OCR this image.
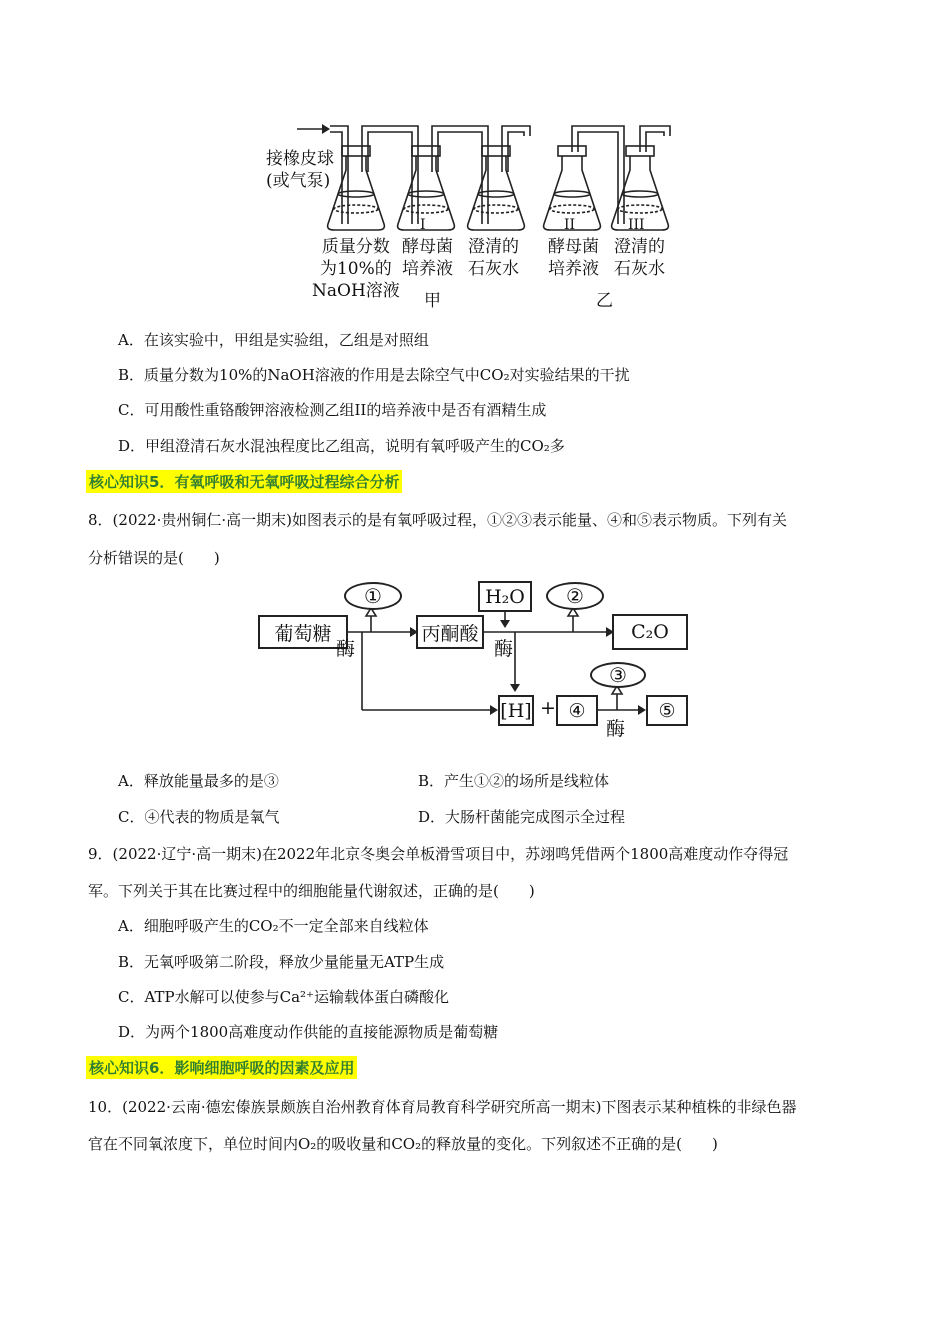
接橡皮球
(或气泵)
I	II	III
质量分数
为10%的
NaOH溶液
酵母菌
培养液
澄清的
石灰水
酵母菌
培养液
澄清的
石灰水
甲	乙
A．在该实验中，甲组是实验组，乙组是对照组
B．质量分数为10%的NaOH溶液的作用是去除空气中CO₂对实验结果的干扰
C．可用酸性重铬酸钾溶液检测乙组II的培养液中是否有酒精生成
D．甲组澄清石灰水混浊程度比乙组高，说明有氧呼吸产生的CO₂多
核心知识5．有氧呼吸和无氧呼吸过程综合分析
8．(2022·贵州铜仁·高一期末)如图表示的是有氧呼吸过程，①②③表示能量、④和⑤表示物质。下列有关
分析错误的是(　　)
葡萄糖	丙酮酸
H₂O
C₂O
[H] + ④	⑤
①	②
③
酶	酶
酶
A．释放能量最多的是③	B．产生①②的场所是线粒体
C．④代表的物质是氧气	D．大肠杆菌能完成图示全过程
9．(2022·辽宁·高一期末)在2022年北京冬奥会单板滑雪项目中，苏翊鸣凭借两个1800高难度动作夺得冠
军。下列关于其在比赛过程中的细胞能量代谢叙述，正确的是(　　)
A．细胞呼吸产生的CO₂不一定全部来自线粒体
B．无氧呼吸第二阶段，释放少量能量无ATP生成
C．ATP水解可以使参与Ca²⁺运输载体蛋白磷酸化
D．为两个1800高难度动作供能的直接能源物质是葡萄糖
核心知识6．影响细胞呼吸的因素及应用
10．(2022·云南·德宏傣族景颇族自治州教育体育局教育科学研究所高一期末)下图表示某种植株的非绿色器
官在不同氧浓度下，单位时间内O₂的吸收量和CO₂的释放量的变化。下列叙述不正确的是(　　)
